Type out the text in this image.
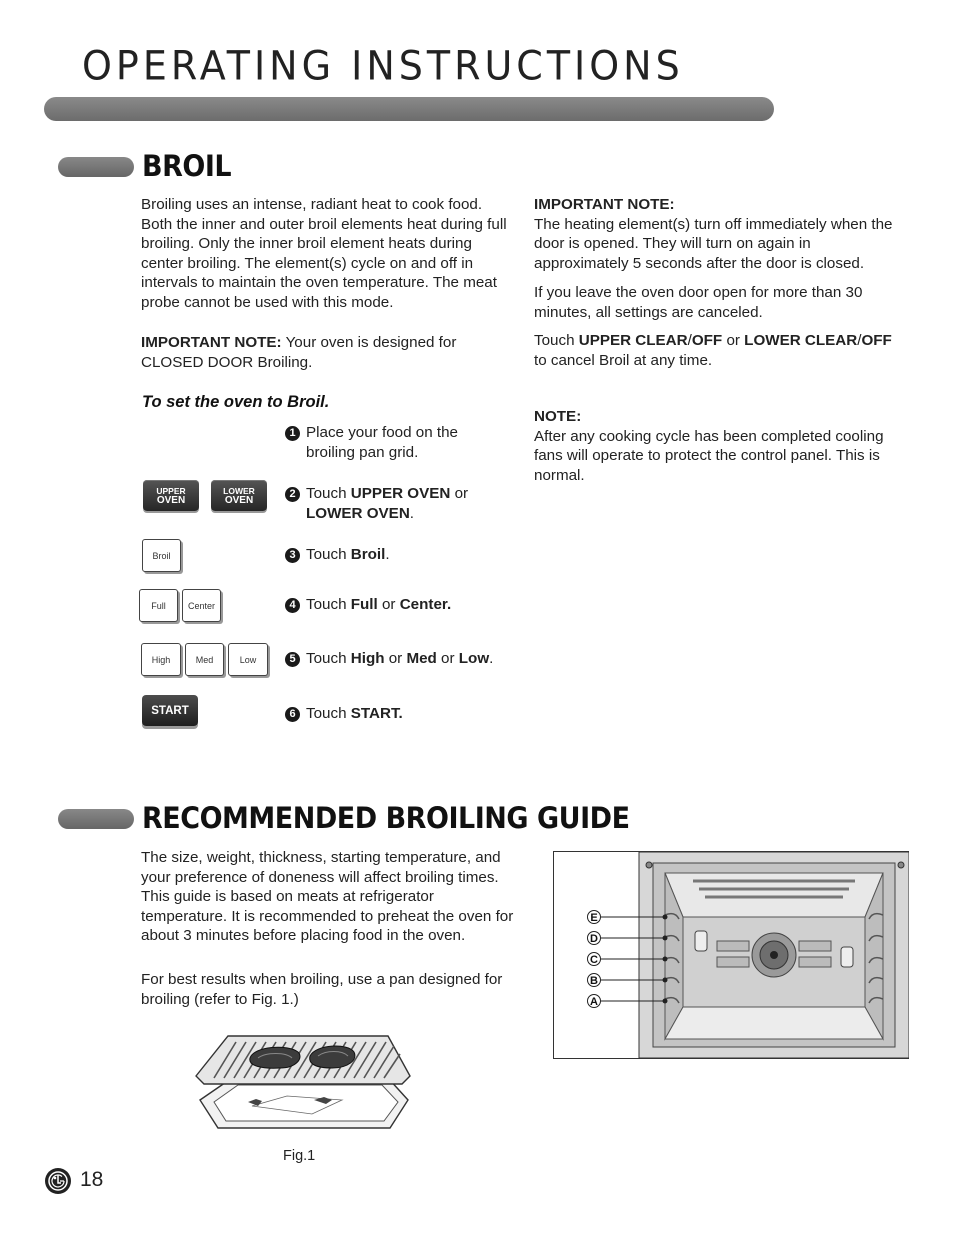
OPERATING INSTRUCTIONS
BROIL
Broiling uses an intense, radiant heat to cook food. Both the inner and outer broil elements heat during full broiling. Only the inner broil element heats during center broiling. The element(s) cycle on and off in intervals to maintain the oven temperature. The meat probe cannot be used with this mode.
IMPORTANT NOTE: Your oven is designed for CLOSED DOOR Broiling.
To set the oven to Broil.
1 Place your food on the
broiling pan grid.
2 Touch UPPER OVEN or
LOWER OVEN.
3 Touch Broil.
4 Touch Full or Center.
5 Touch High or Med or Low.
6 Touch START.
UPPER
OVEN
LOWER
OVEN
Broil
Full	Center
High	Med	Low
START
IMPORTANT NOTE:
The heating element(s) turn off immediately when the door is opened. They will turn on again in approximately 5 seconds after the door is closed.
If you leave the oven door open for more than 30 minutes, all settings are canceled.
Touch UPPER CLEAR/OFF or LOWER CLEAR/OFF
to cancel Broil at any time.
NOTE:
After any cooking cycle has been completed cooling fans will operate to protect the control panel. This is normal.
RECOMMENDED BROILING GUIDE
The size, weight, thickness, starting temperature, and your preference of doneness will affect broiling times. This guide is based on meats at refrigerator temperature. It is recommended to preheat the oven for about 3 minutes before placing food in the oven.
For best results when broiling, use a pan designed for broiling (refer to Fig. 1.)
Fig.1
E
D
C
B
A
18
